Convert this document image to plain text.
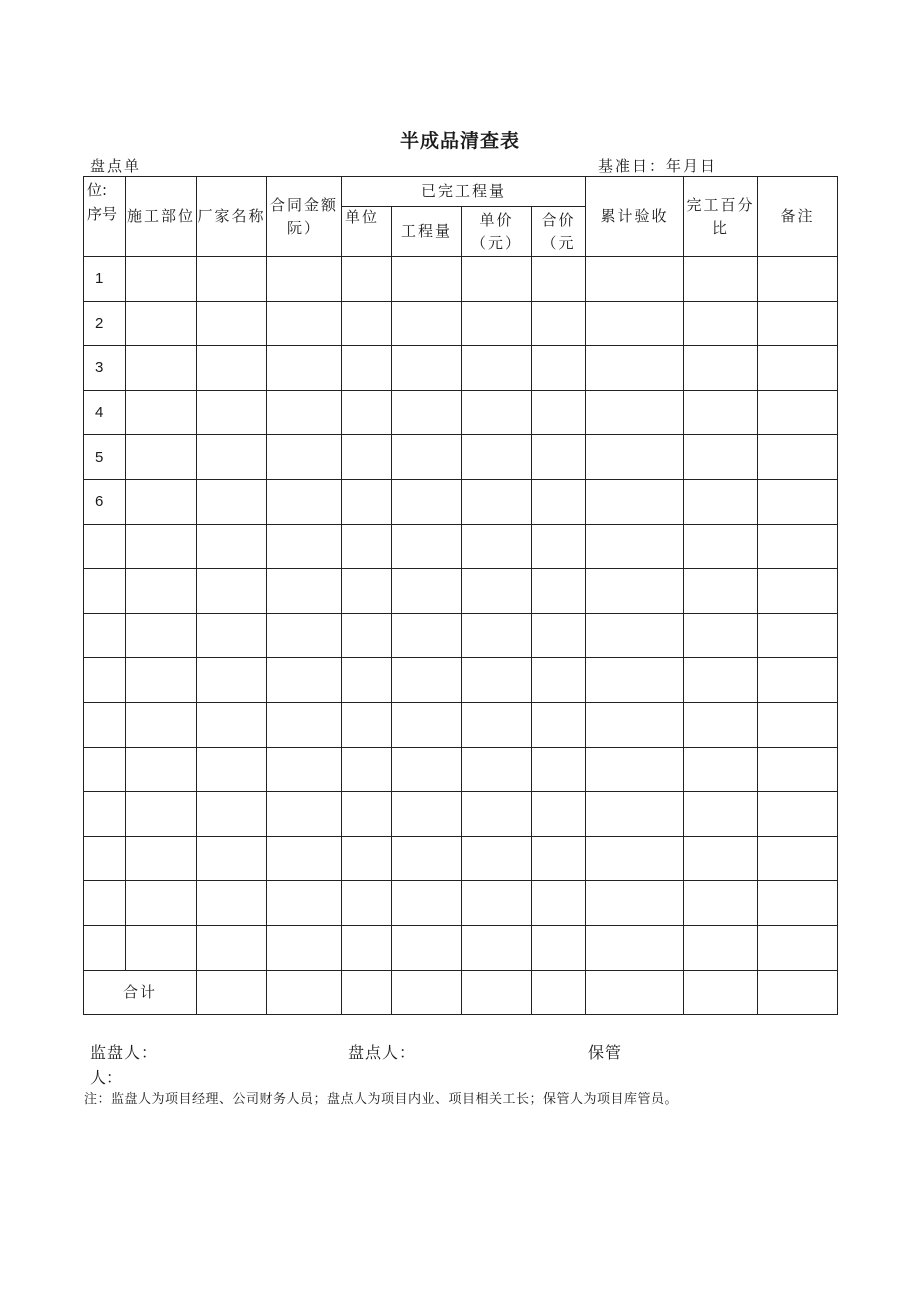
半成品清查表
盘点单	基准日：年月日
位:
序号	施工部位	厂家名称	合同金额阮）	已完工程量				累计验收	完工百分比	备注
				单位	工程量	单价（元）	合价（元			
1										
2										
3										
4										
5										
6										

合计										
监盘人：	盘点人：	保管
人：
注：监盘人为项目经理、公司财务人员；盘点人为项目内业、项目相关工长；保管人为项目库管员。
